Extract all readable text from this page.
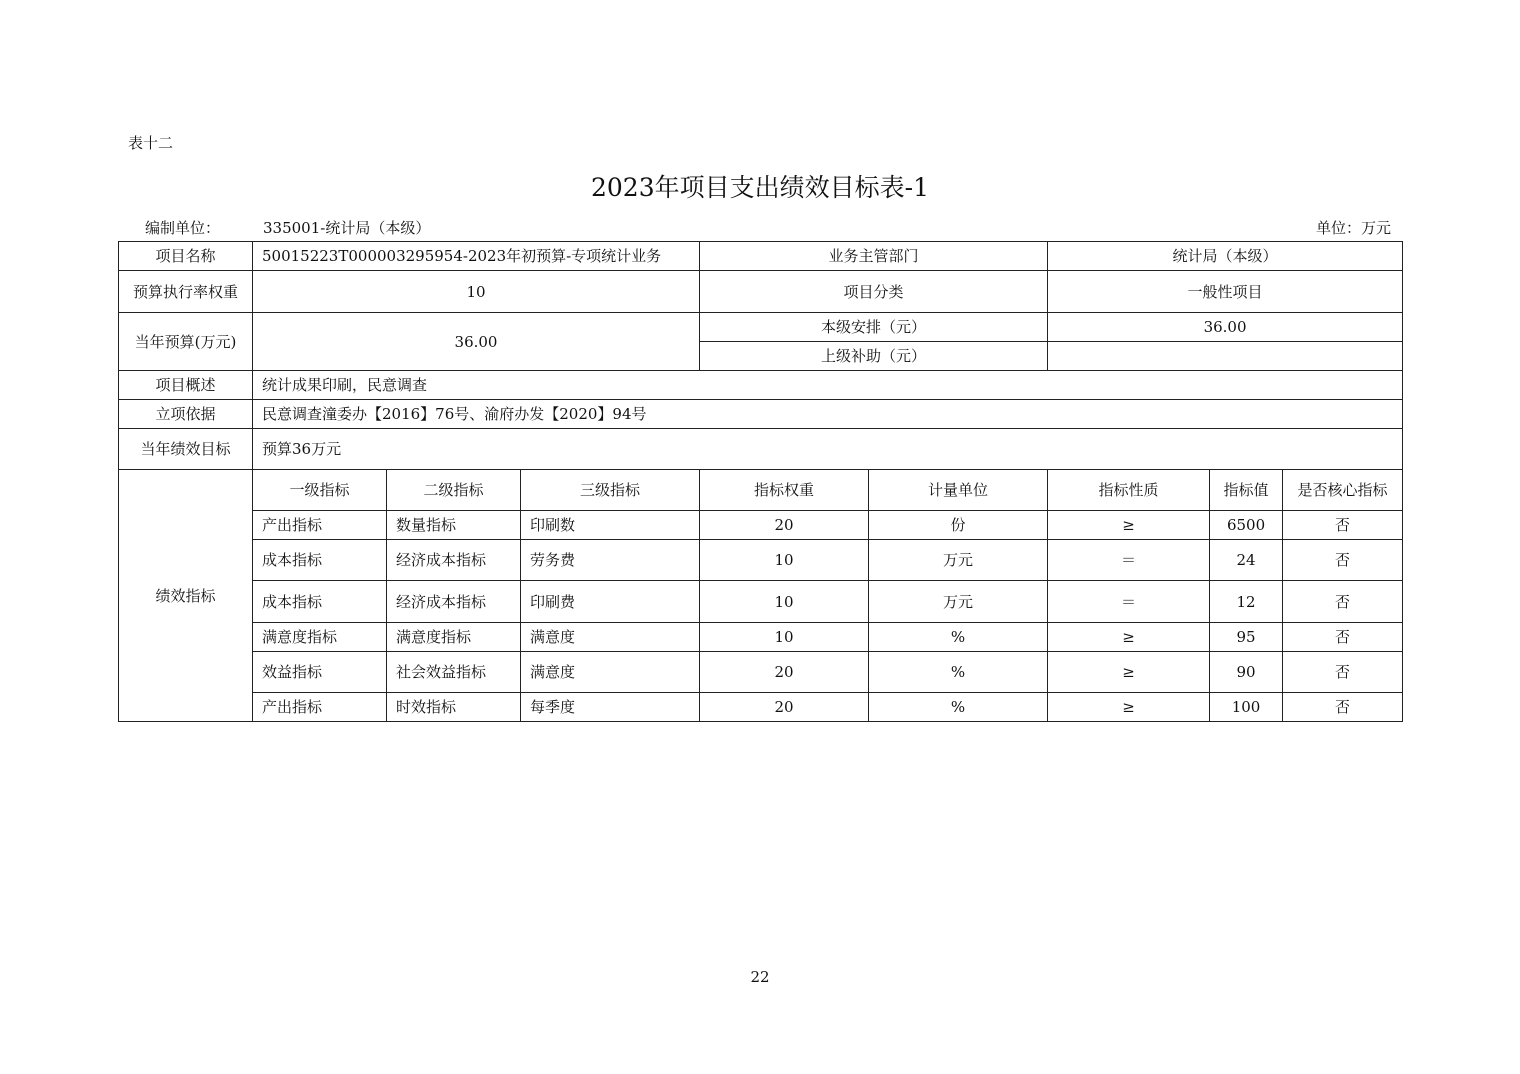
表十二
2023年项目支出绩效目标表-1
编制单位：	335001-统计局（本级）	单位：万元
项目名称	50015223T000003295954-2023年初预算-专项统计业务			业务主管部门		统计局（本级）		
预算执行率权重	10			项目分类		一般性项目		
当年预算(万元)	36.00			本级安排（元）		36.00		
				上级补助（元）				
项目概述	统计成果印刷，民意调查							
立项依据	民意调查潼委办【2016】76号、渝府办发【2020】94号							
当年绩效目标	预算36万元							
绩效指标	一级指标	二级指标	三级指标	指标权重	计量单位	指标性质	指标值	是否核心指标
	产出指标	数量指标	印刷数	20	份	≥	6500	否
	成本指标	经济成本指标	劳务费	10	万元	＝	24	否
	成本指标	经济成本指标	印刷费	10	万元	＝	12	否
	满意度指标	满意度指标	满意度	10	%	≥	95	否
	效益指标	社会效益指标	满意度	20	%	≥	90	否
	产出指标	时效指标	每季度	20	%	≥	100	否
22
